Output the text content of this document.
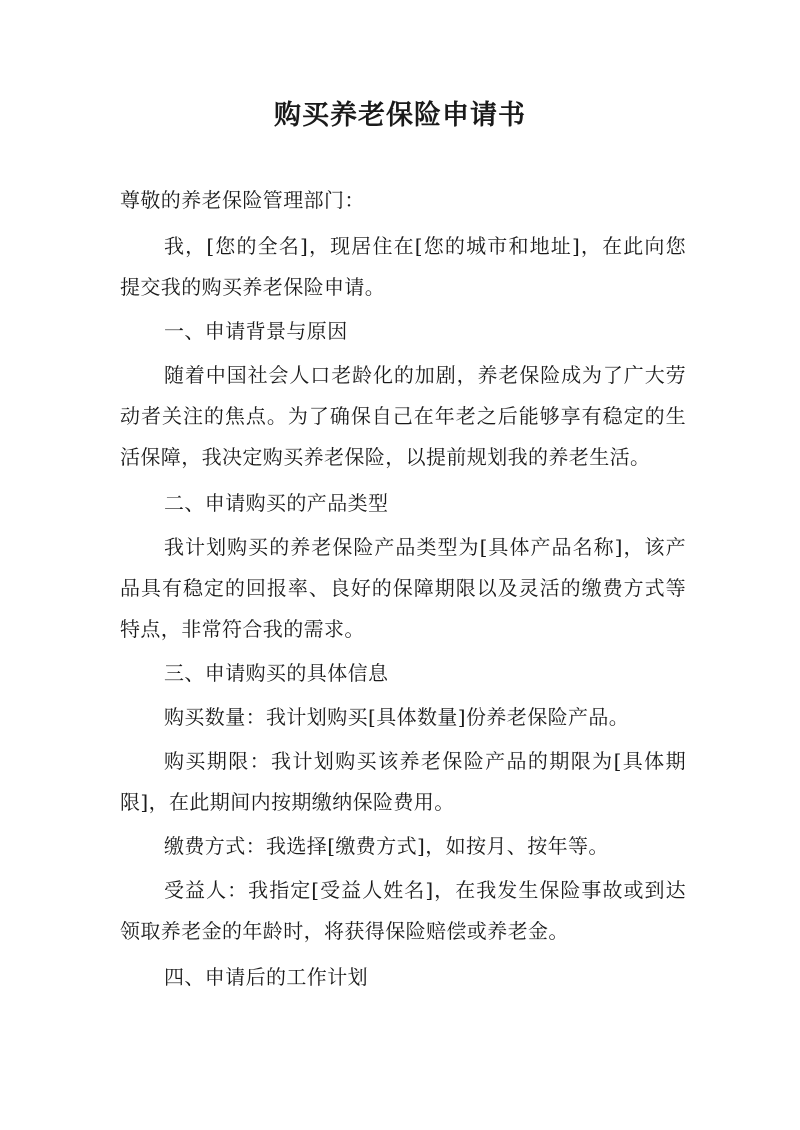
购买养老保险申请书

尊敬的养老保险管理部门：

我，[您的全名]，现居住在[您的城市和地址]，在此向您提交我的购买养老保险申请。

一、申请背景与原因

随着中国社会人口老龄化的加剧，养老保险成为了广大劳动者关注的焦点。为了确保自己在年老之后能够享有稳定的生活保障，我决定购买养老保险，以提前规划我的养老生活。

二、申请购买的产品类型

我计划购买的养老保险产品类型为[具体产品名称]，该产品具有稳定的回报率、良好的保障期限以及灵活的缴费方式等特点，非常符合我的需求。

三、申请购买的具体信息

购买数量：我计划购买[具体数量]份养老保险产品。

购买期限：我计划购买该养老保险产品的期限为[具体期限]，在此期间内按期缴纳保险费用。

缴费方式：我选择[缴费方式]，如按月、按年等。

受益人：我指定[受益人姓名]，在我发生保险事故或到达领取养老金的年龄时，将获得保险赔偿或养老金。

四、申请后的工作计划
